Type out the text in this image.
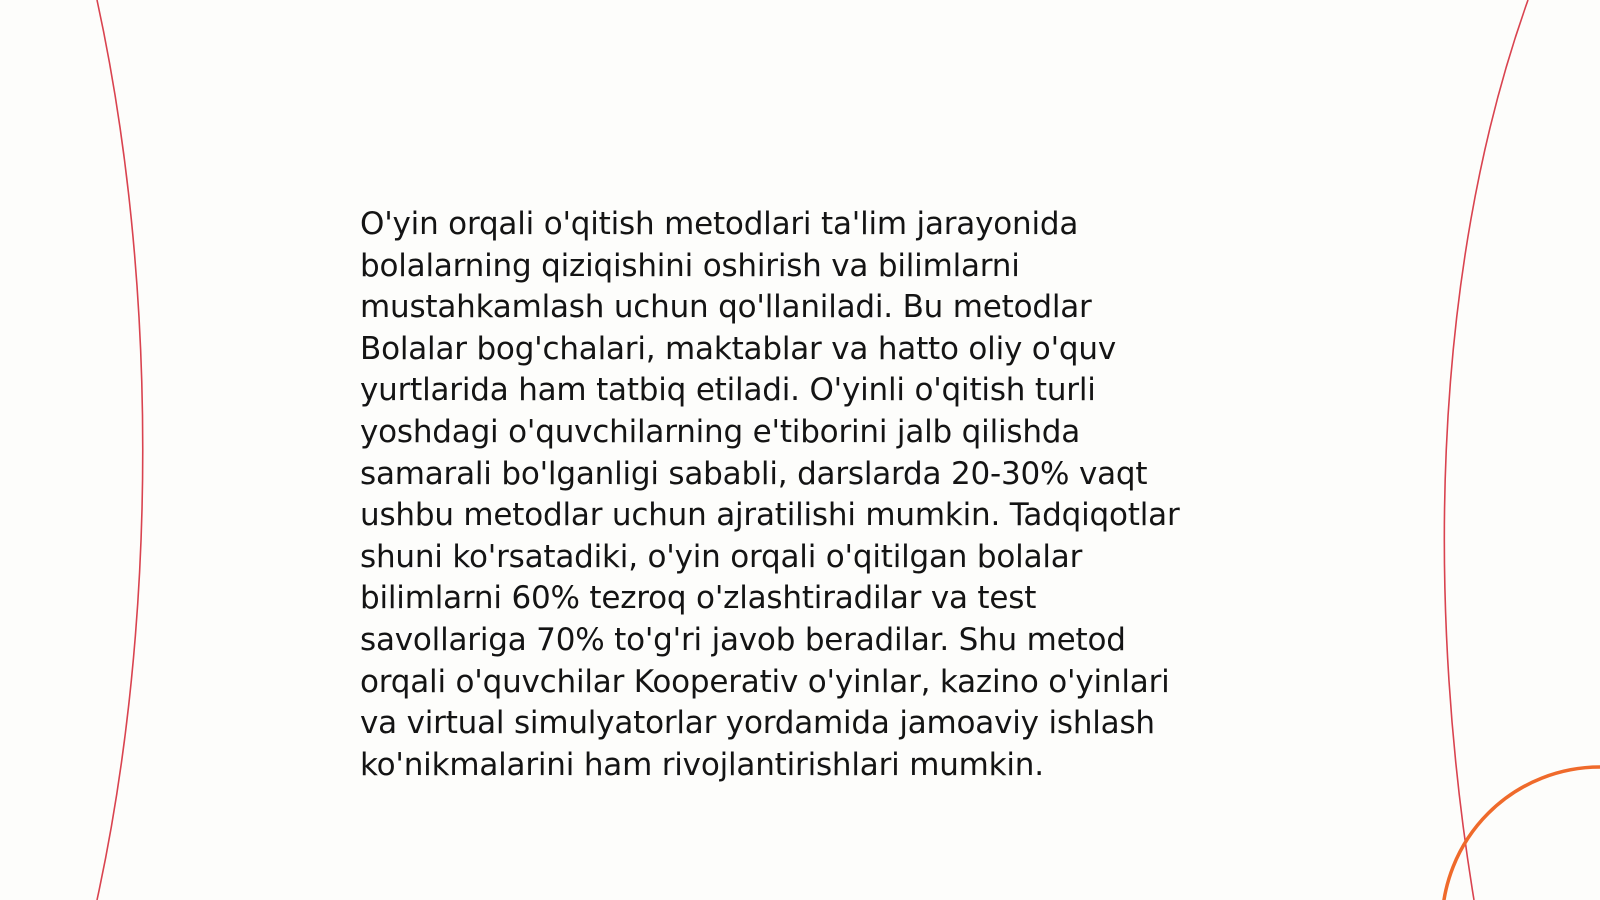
O'yin orqali o'qitish metodlari ta'lim jarayonida
bolalarning qiziqishini oshirish va bilimlarni
mustahkamlash uchun qo'llaniladi. Bu metodlar
Bolalar bog'chalari, maktablar va hatto oliy o'quv
yurtlarida ham tatbiq etiladi. O'yinli o'qitish turli
yoshdagi o'quvchilarning e'tiborini jalb qilishda
samarali bo'lganligi sababli, darslarda 20-30% vaqt
ushbu metodlar uchun ajratilishi mumkin. Tadqiqotlar
shuni ko'rsatadiki, o'yin orqali o'qitilgan bolalar
bilimlarni 60% tezroq o'zlashtiradilar va test
savollariga 70% to'g'ri javob beradilar. Shu metod
orqali o'quvchilar Kooperativ o'yinlar, kazino o'yinlari
va virtual simulyatorlar yordamida jamoaviy ishlash
ko'nikmalarini ham rivojlantirishlari mumkin.
